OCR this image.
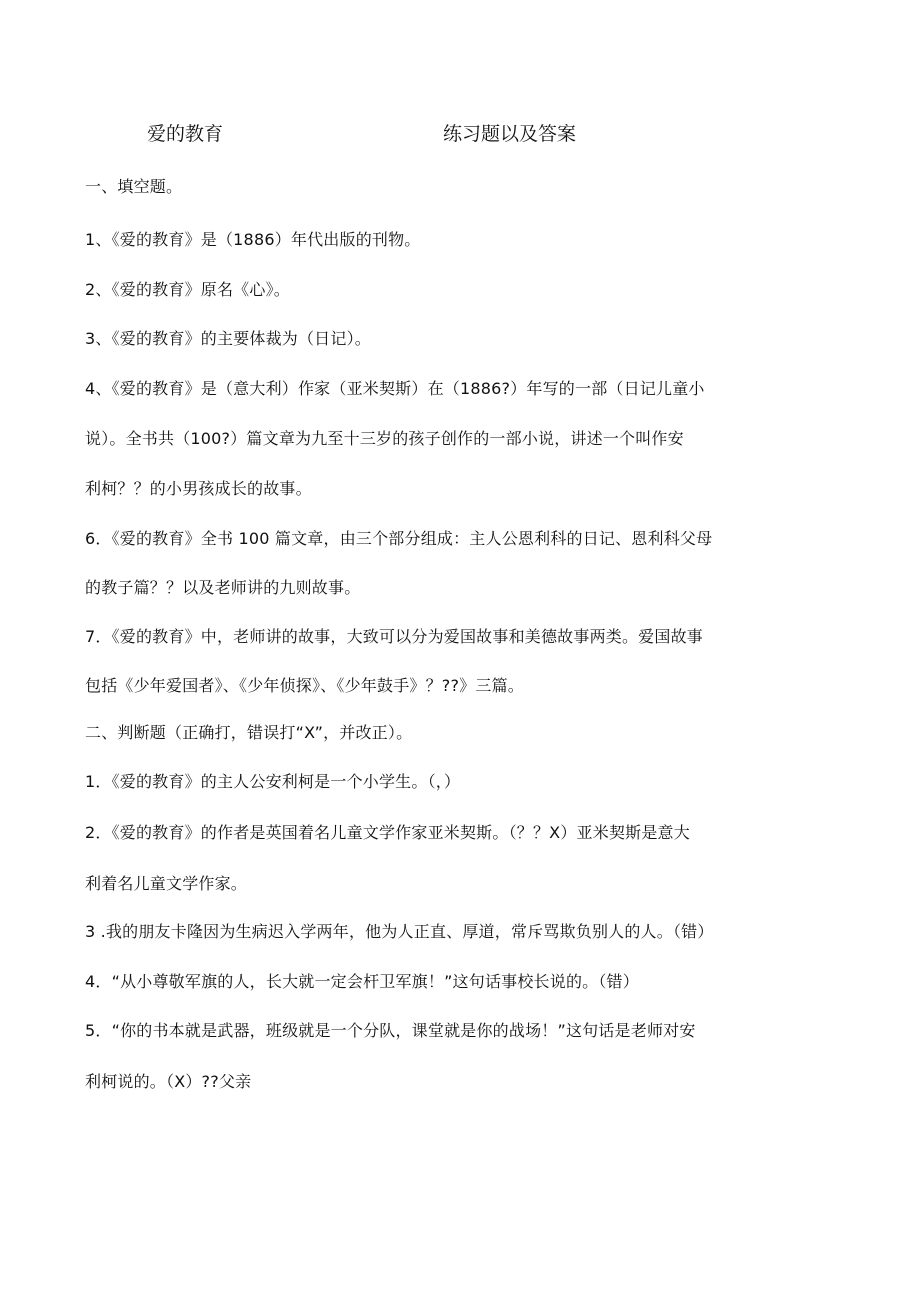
爱的教育	练习题以及答案
一、填空题。
1、《爱的教育》是（1886）年代出版的刊物。
2、《爱的教育》原名《心》。
3、《爱的教育》的主要体裁为（日记）。
4、《爱的教育》是（意大利）作家（亚米契斯）在（1886?）年写的一部（日记儿童小
说）。全书共（100?）篇文章为九至十三岁的孩子创作的一部小说，讲述一个叫作安
利柯？？的小男孩成长的故事。
6．《爱的教育》全书 100 篇文章，由三个部分组成：主人公恩利科的日记、恩利科父母
的教子篇？？以及老师讲的九则故事。
7．《爱的教育》中，老师讲的故事，大致可以分为爱国故事和美德故事两类。爱国故事
包括《少年爱国者》、《少年侦探》、《少年鼓手》？??》三篇。
二、判断题（正确打，错误打“X”，并改正）。
1．《爱的教育》的主人公安利柯是一个小学生。（，）
2．《爱的教育》的作者是英国着名儿童文学作家亚米契斯。（？？X）亚米契斯是意大
利着名儿童文学作家。
3 .我的朋友卡隆因为生病迟入学两年，他为人正直、厚道，常斥骂欺负别人的人。（错）
4．“从小尊敬军旗的人，长大就一定会杆卫军旗！”这句话事校长说的。（错）
5．“你的书本就是武器，班级就是一个分队，课堂就是你的战场！”这句话是老师对安
利柯说的。（X）??父亲
